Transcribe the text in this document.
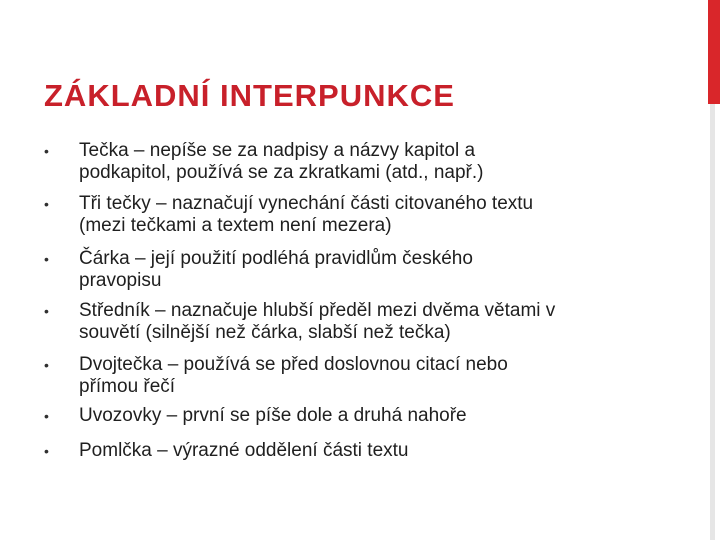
ZÁKLADNÍ INTERPUNKCE
• Tečka – nepíše se za nadpisy a názvy kapitol a
podkapitol, používá se za zkratkami (atd., např.)
• Tři tečky – naznačují vynechání části citovaného textu
(mezi tečkami a textem není mezera)
• Čárka – její použití podléhá pravidlům českého
pravopisu
• Středník – naznačuje hlubší předěl mezi dvěma větami v
souvětí (silnější než čárka, slabší než tečka)
• Dvojtečka – používá se před doslovnou citací nebo
přímou řečí
• Uvozovky – první se píše dole a druhá nahoře
• Pomlčka – výrazné oddělení části textu
